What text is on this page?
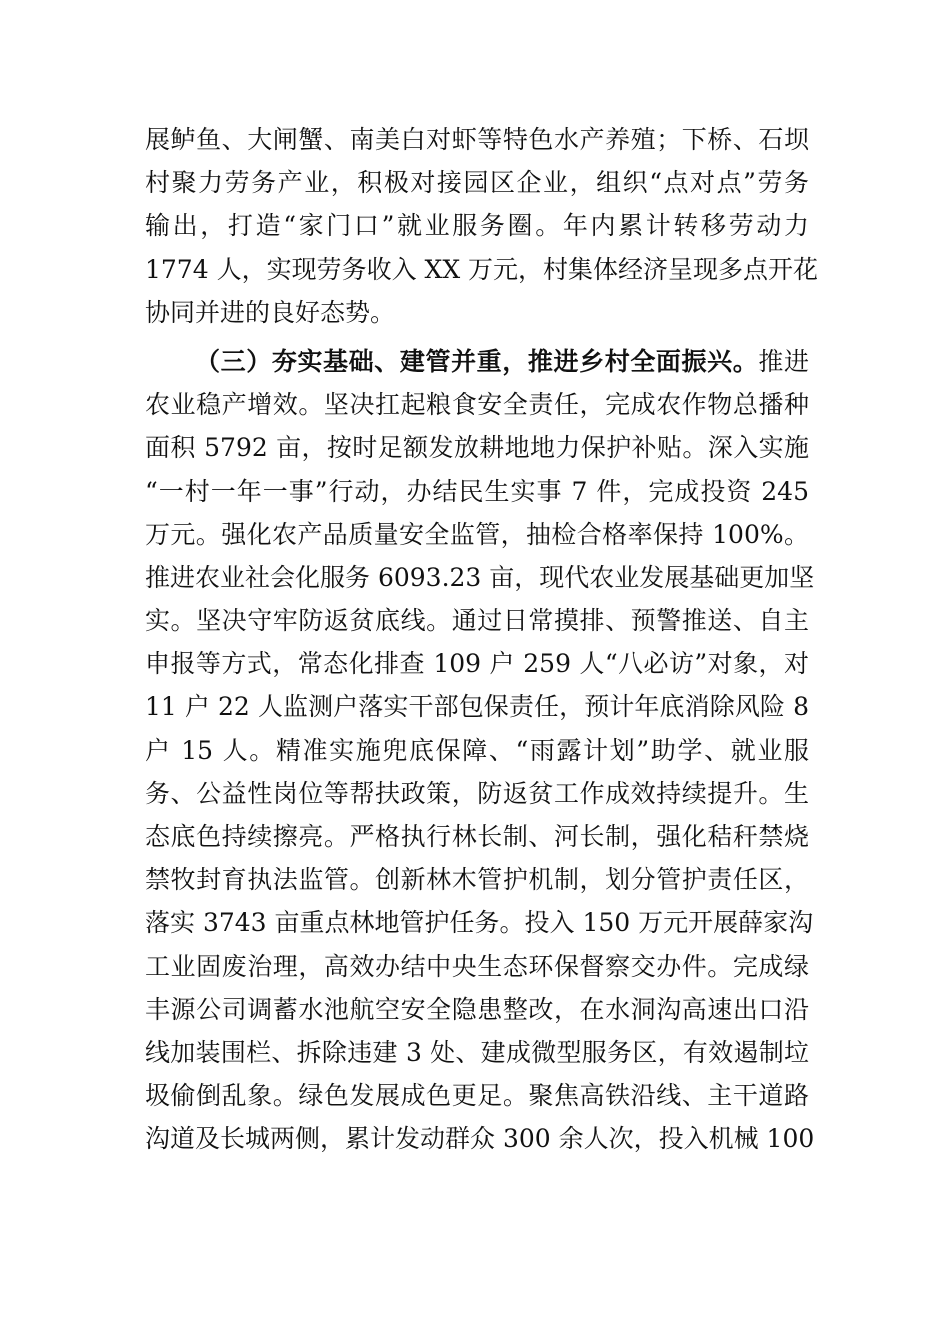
展鲈鱼、大闸蟹、南美白对虾等特色水产养殖；下桥、石坝
村聚力劳务产业，积极对接园区企业，组织“点对点”劳务
输出，打造“家门口”就业服务圈。年内累计转移劳动力
1774 人，实现劳务收入 XX 万元，村集体经济呈现多点开花
协同并进的良好态势。
（三）夯实基础、建管并重，推进乡村全面振兴。推进
农业稳产增效。坚决扛起粮食安全责任，完成农作物总播种
面积 5792 亩，按时足额发放耕地地力保护补贴。深入实施
“一村一年一事”行动，办结民生实事 7 件，完成投资 245
万元。强化农产品质量安全监管，抽检合格率保持 100%。
推进农业社会化服务 6093.23 亩，现代农业发展基础更加坚
实。坚决守牢防返贫底线。通过日常摸排、预警推送、自主
申报等方式，常态化排查 109 户 259 人“八必访”对象，对
11 户 22 人监测户落实干部包保责任，预计年底消除风险 8
户 15 人。精准实施兜底保障、“雨露计划”助学、就业服
务、公益性岗位等帮扶政策，防返贫工作成效持续提升。生
态底色持续擦亮。严格执行林长制、河长制，强化秸秆禁烧
禁牧封育执法监管。创新林木管护机制，划分管护责任区，
落实 3743 亩重点林地管护任务。投入 150 万元开展薛家沟
工业固废治理，高效办结中央生态环保督察交办件。完成绿
丰源公司调蓄水池航空安全隐患整改，在水洞沟高速出口沿
线加装围栏、拆除违建 3 处、建成微型服务区，有效遏制垃
圾偷倒乱象。绿色发展成色更足。聚焦高铁沿线、主干道路
沟道及长城两侧，累计发动群众 300 余人次，投入机械 100
